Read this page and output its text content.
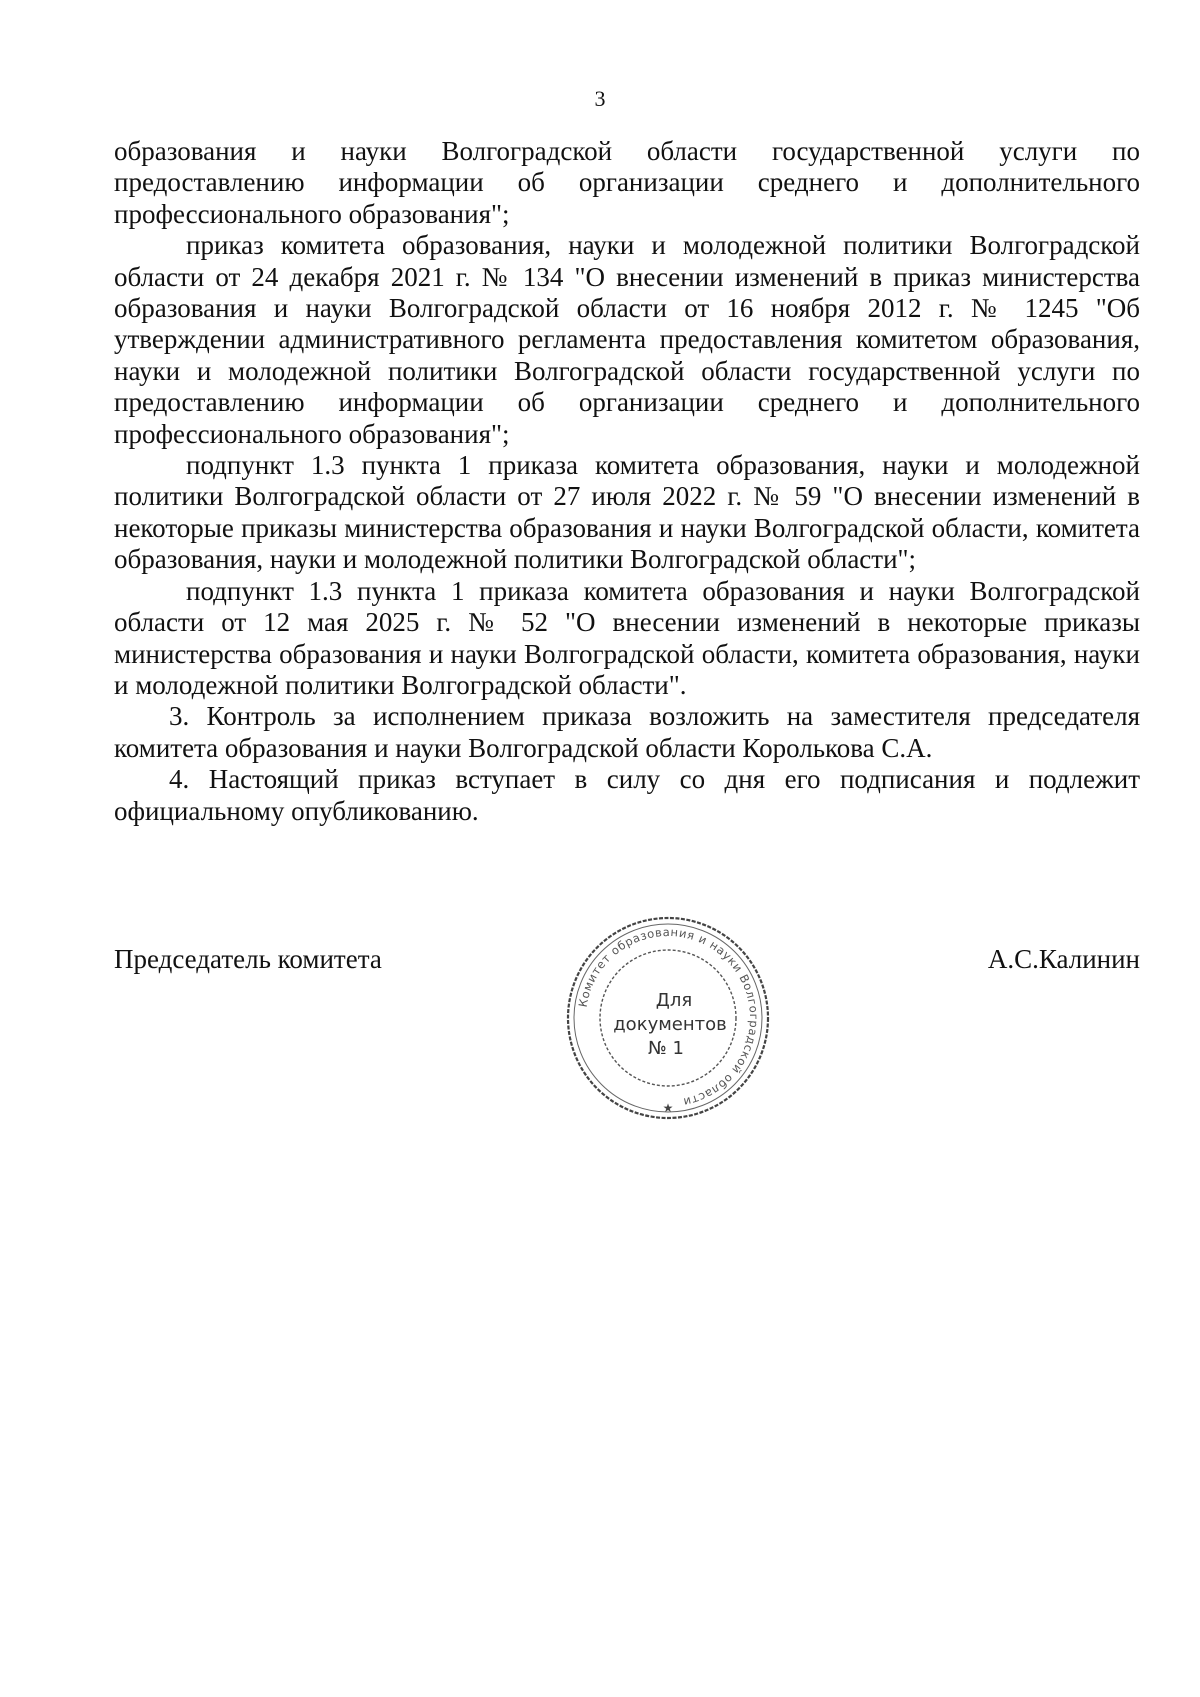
3

образования и науки Волгоградской области государственной услуги по предоставлению информации об организации среднего и дополнительного профессионального образования";

приказ комитета образования, науки и молодежной политики Волгоградской области от 24 декабря 2021 г. № 134 "О внесении изменений в приказ министерства образования и науки Волгоградской области от 16 ноября 2012 г. № 1245 "Об утверждении административного регламента предоставления комитетом образования, науки и молодежной политики Волгоградской области государственной услуги по предоставлению информации об организации среднего и дополнительного профессионального образования";

подпункт 1.3 пункта 1 приказа комитета образования, науки и молодежной политики Волгоградской области от 27 июля 2022 г. № 59 "О внесении изменений в некоторые приказы министерства образования и науки Волгоградской области, комитета образования, науки и молодежной политики Волгоградской области";

подпункт 1.3 пункта 1 приказа комитета образования и науки Волгоградской области от 12 мая 2025 г. № 52 "О внесении изменений в некоторые приказы министерства образования и науки Волгоградской области, комитета образования, науки и молодежной политики Волгоградской области".

3. Контроль за исполнением приказа возложить на заместителя председателя комитета образования и науки Волгоградской области Королькова С.А.

4. Настоящий приказ вступает в силу со дня его подписания и подлежит официальному опубликованию.

Председатель комитета	А.С.Калинин
Комитет образования и науки Волгоградской области
Для
документов
№ 1
★
